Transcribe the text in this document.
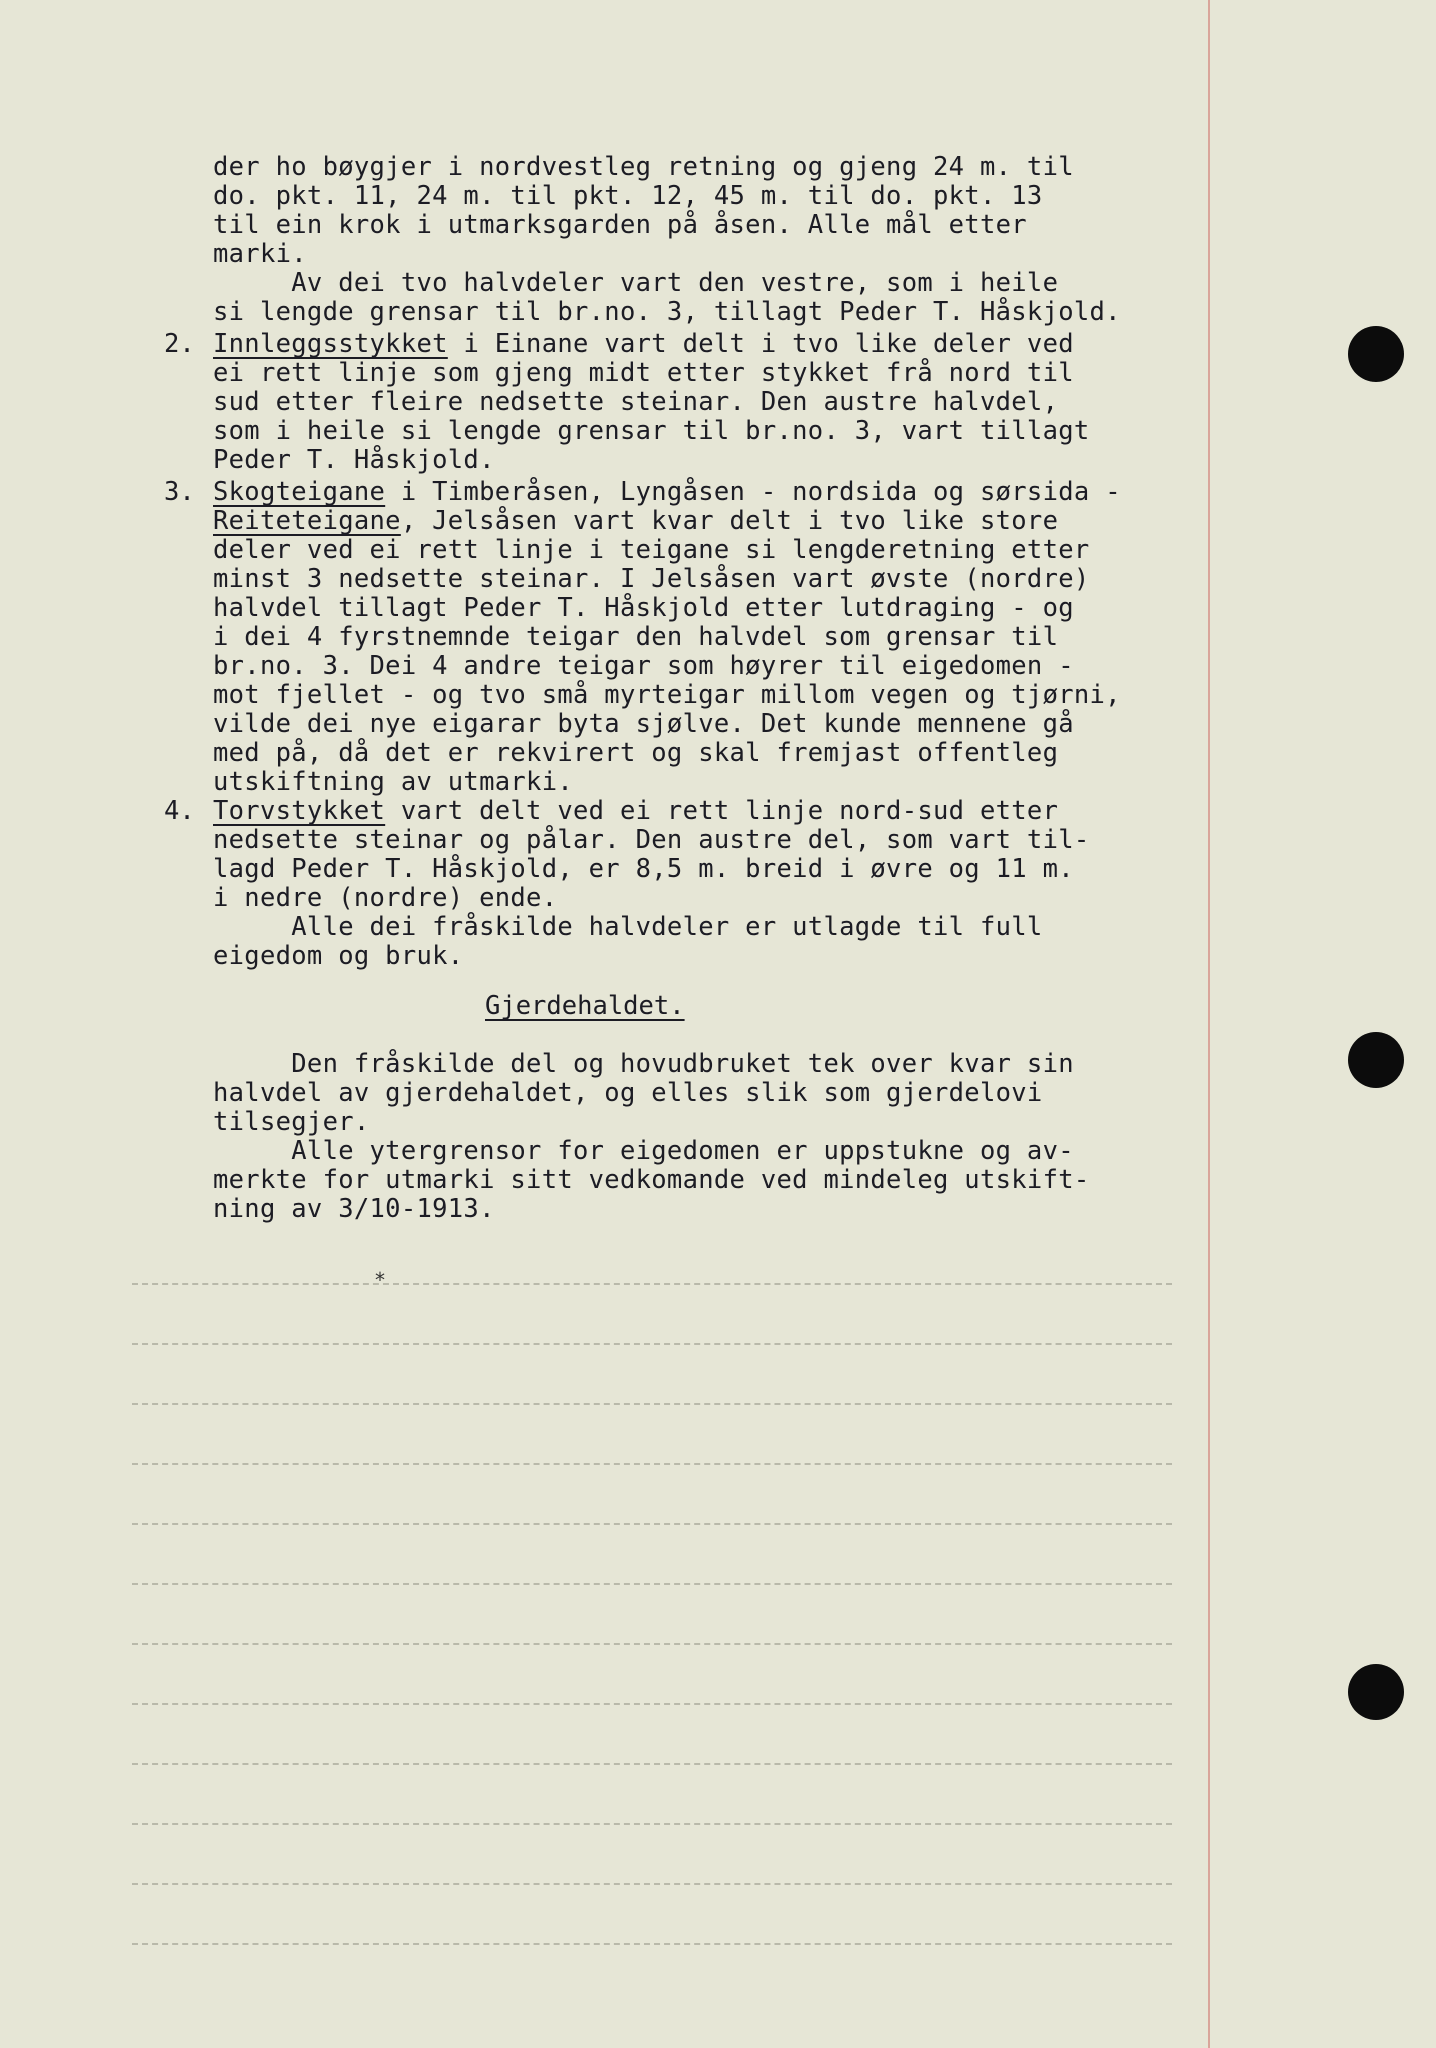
der ho bøygjer i nordvestleg retning og gjeng 24 m. til

do. pkt. 11, 24 m. til pkt. 12, 45 m. til do. pkt. 13

til ein krok i utmarksgarden på åsen. Alle mål etter

marki.

Av dei tvo halvdeler vart den vestre, som i heile

si lengde grensar til br.no. 3, tillagt Peder T. Håskjold.

2. Innleggsstykket i Einane vart delt i tvo like deler ved

ei rett linje som gjeng midt etter stykket frå nord til

sud etter fleire nedsette steinar. Den austre halvdel,

som i heile si lengde grensar til br.no. 3, vart tillagt

Peder T. Håskjold.

3. Skogteigane i Timberåsen, Lyngåsen - nordsida og sørsida -

Reiteteigane, Jelsåsen vart kvar delt i tvo like store

deler ved ei rett linje i teigane si lengderetning etter

minst 3 nedsette steinar. I Jelsåsen vart øvste (nordre)

halvdel tillagt Peder T. Håskjold etter lutdraging - og

i dei 4 fyrstnemnde teigar den halvdel som grensar til

br.no. 3. Dei 4 andre teigar som høyrer til eigedomen -

mot fjellet - og tvo små myrteigar millom vegen og tjørni,

vilde dei nye eigarar byta sjølve. Det kunde mennene gå

med på, då det er rekvirert og skal fremjast offentleg

utskiftning av utmarki.

4. Torvstykket vart delt ved ei rett linje nord-sud etter

nedsette steinar og pålar. Den austre del, som vart til-

lagd Peder T. Håskjold, er 8,5 m. breid i øvre og 11 m.

i nedre (nordre) ende.

Alle dei fråskilde halvdeler er utlagde til full

eigedom og bruk.

Gjerdehaldet.

Den fråskilde del og hovudbruket tek over kvar sin

halvdel av gjerdehaldet, og elles slik som gjerdelovi

tilsegjer.

Alle ytergrensor for eigedomen er uppstukne og av-

merkte for utmarki sitt vedkomande ved mindeleg utskift-

ning av 3/10-1913.

*
